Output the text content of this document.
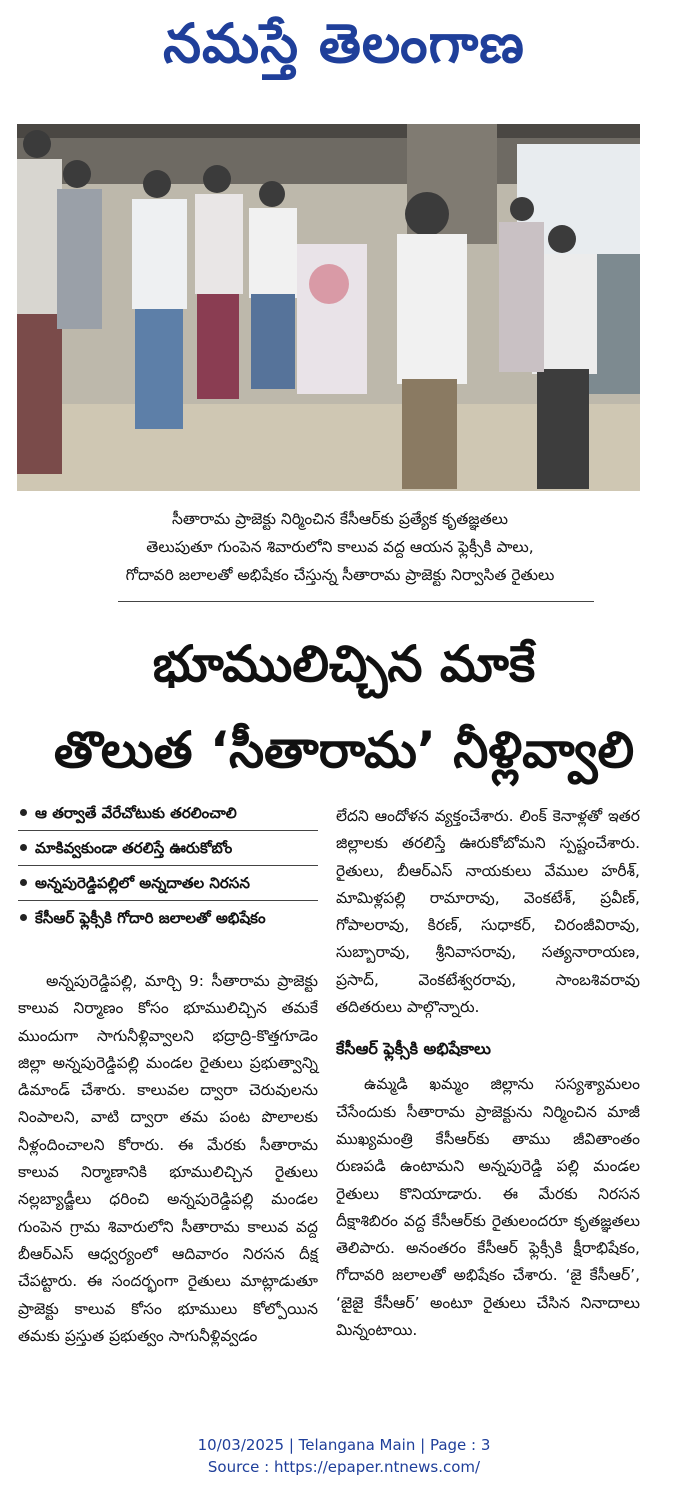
నమస్తే తెలంగాణ
సీతారామ ప్రాజెక్టు నిర్మించిన కేసీఆర్‌కు ప్రత్యేక కృతజ్ఞతలు
తెలుపుతూ గుంపెన శివారులోని కాలువ వద్ద ఆయన ఫ్లెక్సీకి పాలు,
గోదావరి జలాలతో అభిషేకం చేస్తున్న సీతారామ ప్రాజెక్టు నిర్వాసిత రైతులు
భూములిచ్చిన మాకే
తొలుత ‘సీతారామ’ నీళ్లివ్వాలి
ఆ తర్వాతే వేరేచోటుకు తరలించాలి
మాకివ్వకుండా తరలిస్తే ఊరుకోబోం
అన్నపురెడ్డిపల్లిలో అన్నదాతల నిరసన
కేసీఆర్ ఫ్లెక్సీకి గోదారి జలాలతో అభిషేకం

అన్నపురెడ్డిపల్లి, మార్చి 9: సీతారామ ప్రాజెక్టు కాలువ నిర్మాణం కోసం భూములిచ్చిన తమకే ముందుగా సాగునీళ్లివ్వాలని భద్రాద్రి-కొత్తగూడెం జిల్లా అన్నపురెడ్డిపల్లి మండల రైతులు ప్రభుత్వాన్ని డిమాండ్ చేశారు. కాలువల ద్వారా చెరువులను నింపాలని, వాటి ద్వారా తమ పంట పొలాలకు నీళ్లందించాలని కోరారు. ఈ మేరకు సీతారామ కాలువ నిర్మాణానికి భూములిచ్చిన రైతులు నల్లబ్యాడ్జీలు ధరించి అన్నపురెడ్డిపల్లి మండల గుంపెన గ్రామ శివారులోని సీతారామ కాలువ వద్ద బీఆర్ఎస్ ఆధ్వర్యంలో ఆదివారం నిరసన దీక్ష చేపట్టారు. ఈ సందర్భంగా రైతులు మాట్లాడుతూ ప్రాజెక్టు కాలువ కోసం భూములు కోల్పోయిన తమకు ప్రస్తుత ప్రభుత్వం సాగునీళ్లివ్వడం

లేదని ఆందోళన వ్యక్తంచేశారు. లింక్ కెనాళ్లతో ఇతర జిల్లాలకు తరలిస్తే ఊరుకోబోమని స్పష్టంచేశారు. రైతులు, బీఆర్ఎస్ నాయకులు వేముల హరీశ్, మామిళ్లపల్లి రామారావు, వెంకటేశ్, ప్రవీణ్, గోపాలరావు, కిరణ్, సుధాకర్, చిరంజీవిరావు, సుబ్బారావు, శ్రీనివాసరావు, సత్యనారాయణ, ప్రసాద్, వెంకటేశ్వరరావు, సాంబశివరావు తదితరులు పాల్గొన్నారు.

కేసీఆర్ ఫ్లెక్సీకి అభిషేకాలు

ఉమ్మడి ఖమ్మం జిల్లాను సస్యశ్యామలం చేసేందుకు సీతారామ ప్రాజెక్టును నిర్మించిన మాజీ ముఖ్యమంత్రి కేసీఆర్‌కు తాము జీవితాంతం రుణపడి ఉంటామని అన్నపురెడ్డి పల్లి మండల రైతులు కొనియాడారు. ఈ మేరకు నిరసన దీక్షాశిబిరం వద్ద కేసీఆర్‌కు రైతులందరూ కృతజ్ఞతలు తెలిపారు. అనంతరం కేసీఆర్ ఫ్లెక్సీకి క్షీరాభిషేకం, గోదావరి జలాలతో అభిషేకం చేశారు. ‘జై కేసీఆర్’, ‘జైజై కేసీఆర్’ అంటూ రైతులు చేసిన నినాదాలు మిన్నంటాయి.

10/03/2025 | Telangana Main | Page : 3
Source : https://epaper.ntnews.com/
